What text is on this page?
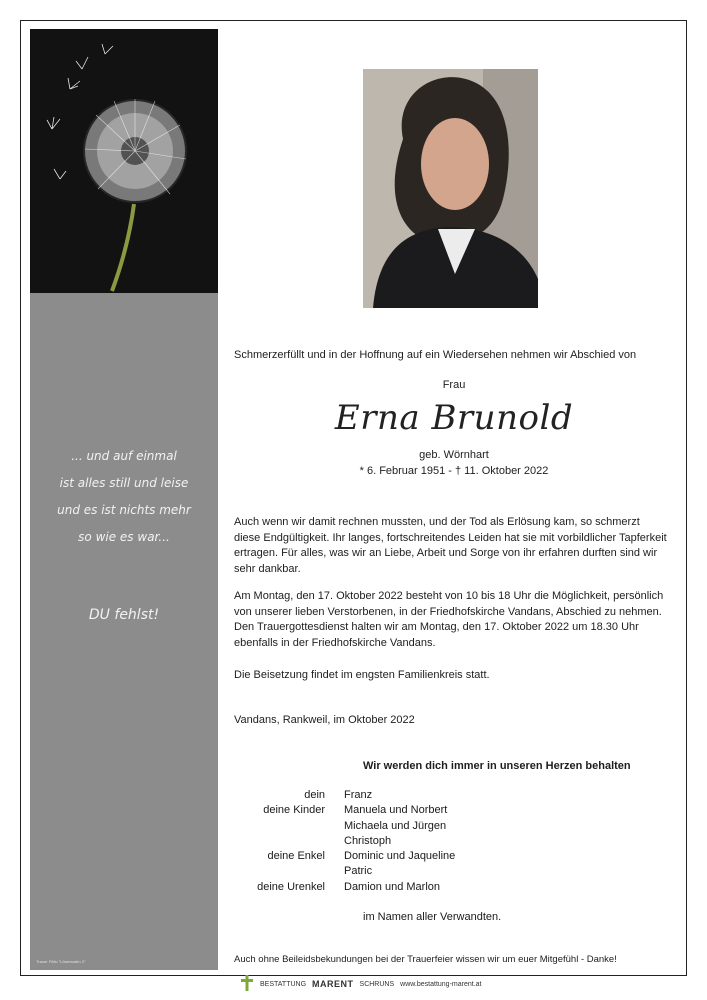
... und auf einmal
ist alles still und leise
und es ist nichts mehr
so wie es war...
DU fehlst!
Trauer FiMo "Löwenzahn 2"
Schmerzerfüllt und in der Hoffnung auf ein Wiedersehen nehmen wir Abschied von
Frau
Erna Brunold
geb. Wörnhart
* 6. Februar 1951 - † 11. Oktober 2022
Auch wenn wir damit rechnen mussten, und der Tod als Erlösung kam, so schmerzt diese Endgültigkeit. Ihr langes, fortschreitendes Leiden hat sie mit vorbildlicher Tapferkeit ertragen. Für alles, was wir an Liebe, Arbeit und Sorge von ihr erfahren durften sind wir sehr dankbar.
Am Montag, den 17. Oktober 2022 besteht von 10 bis 18 Uhr die Möglichkeit, persönlich von unserer lieben Verstorbenen, in der Friedhofskirche Vandans, Abschied zu nehmen. Den Trauergottesdienst halten wir am Montag, den 17. Oktober 2022 um 18.30 Uhr ebenfalls in der Friedhofskirche Vandans.
Die Beisetzung findet im engsten Familienkreis statt.
Vandans, Rankweil, im Oktober 2022
Wir werden dich immer in unseren Herzen behalten
dein	Franz
deine Kinder	Manuela und Norbert
Michaela und Jürgen
Christoph
deine Enkel	Dominic und Jaqueline
Patric
deine Urenkel	Damion und Marlon
im Namen aller Verwandten.
Auch ohne Beileidsbekundungen bei der Trauerfeier wissen wir um euer Mitgefühl - Danke!
BESTATTUNG MARENT SCHRUNS www.bestattung-marent.at
